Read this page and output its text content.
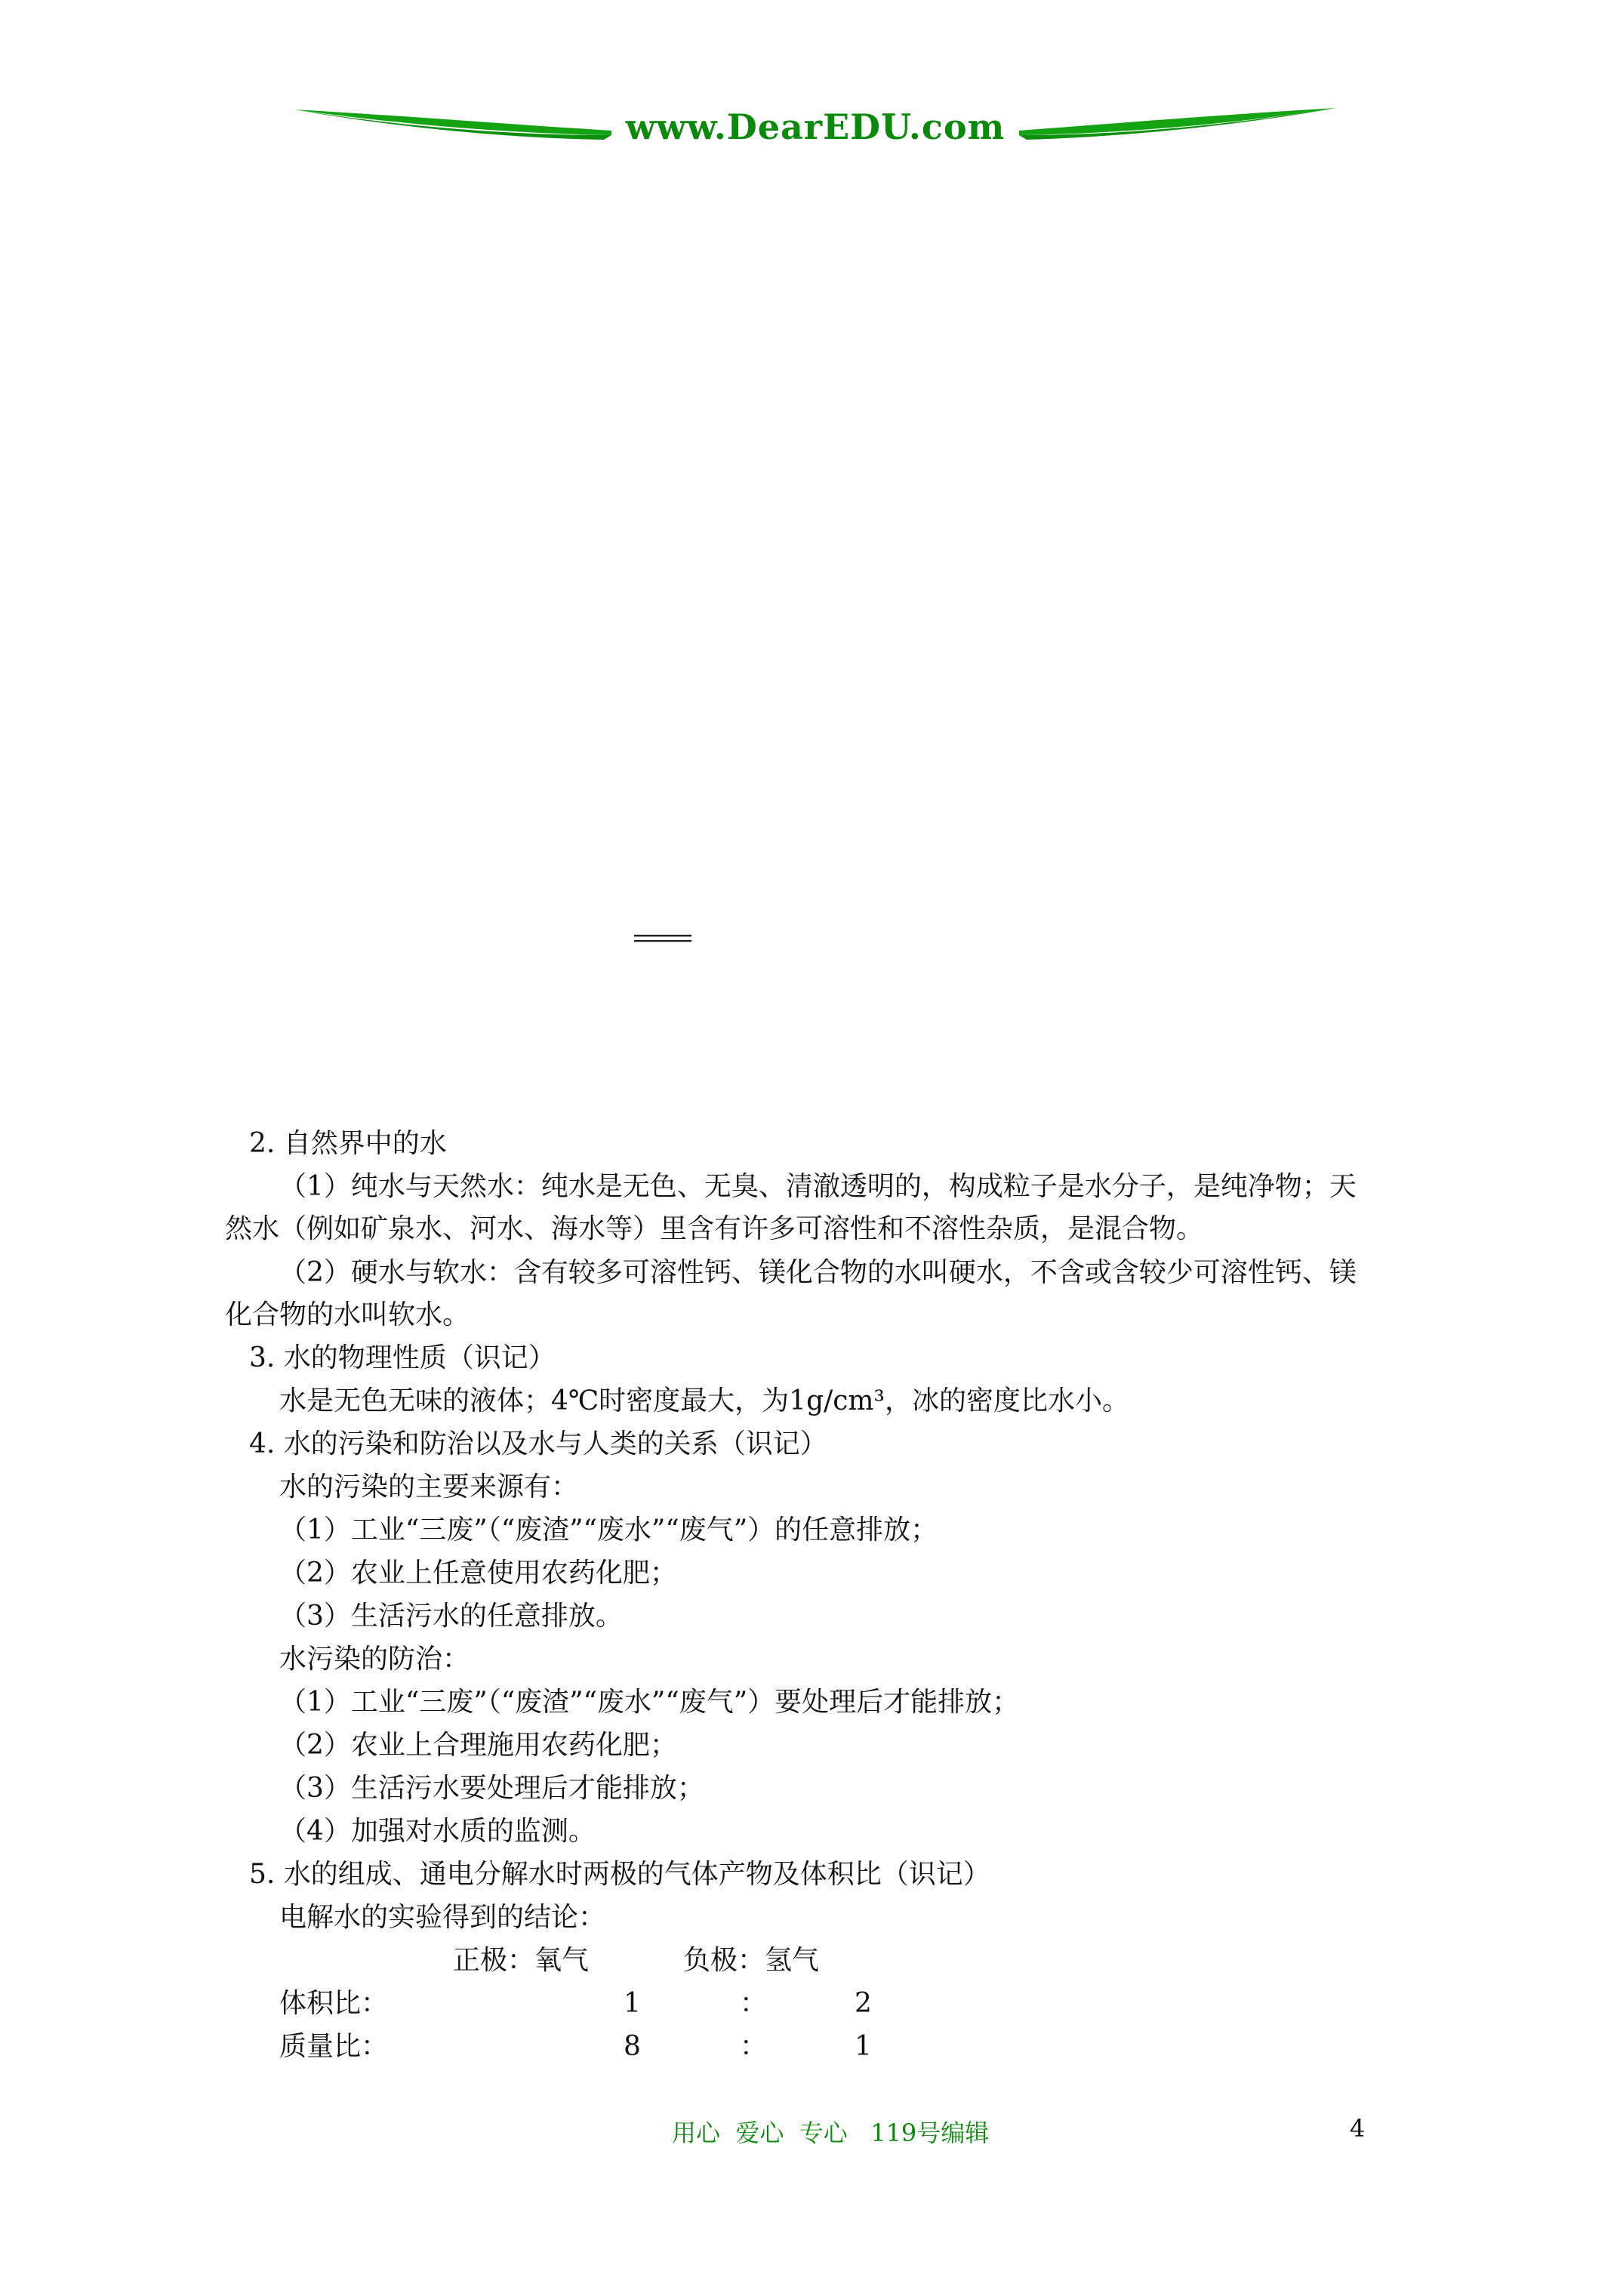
www.DearEDU.com
2. 自然界中的水
（1）纯水与天然水：纯水是无色、无臭、清澈透明的，构成粒子是水分子，是纯净物；天
然水（例如矿泉水、河水、海水等）里含有许多可溶性和不溶性杂质，是混合物。
（2）硬水与软水：含有较多可溶性钙、镁化合物的水叫硬水，不含或含较少可溶性钙、镁
化合物的水叫软水。
3. 水的物理性质（识记）
水是无色无味的液体；4℃时密度最大，为1g/cm³，冰的密度比水小。
4. 水的污染和防治以及水与人类的关系（识记）
水的污染的主要来源有：
（1）工业“三废”（“废渣”“废水”“废气”）的任意排放；
（2）农业上任意使用农药化肥；
（3）生活污水的任意排放。
水污染的防治：
（1）工业“三废”（“废渣”“废水”“废气”）要处理后才能排放；
（2）农业上合理施用农药化肥；
（3）生活污水要处理后才能排放；
（4）加强对水质的监测。
5. 水的组成、通电分解水时两极的气体产物及体积比（识记）
电解水的实验得到的结论：
正极：氧气	负极：氢气
体积比：	1	：	2
质量比：	8	：	1
用心  爱心  专心   119号编辑	4
